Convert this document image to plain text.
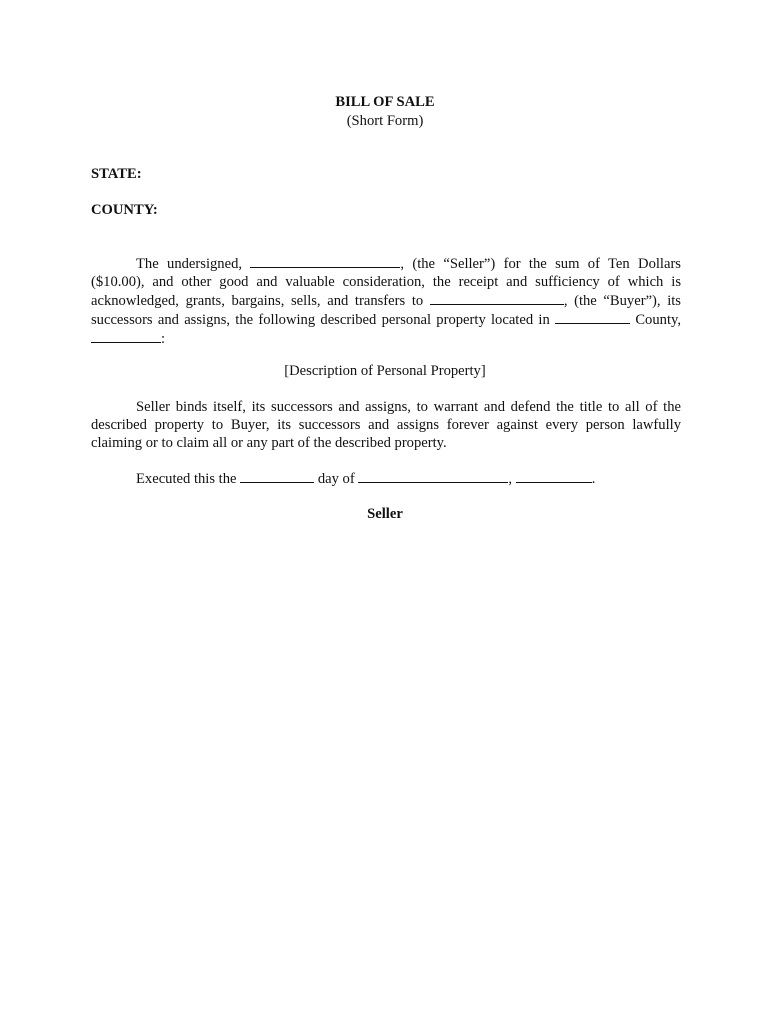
BILL OF SALE
(Short Form)
STATE:
COUNTY:
The undersigned,	, (the “Seller”) for the sum of Ten Dollars ($10.00), and other good and valuable consideration, the receipt and sufficiency of which is acknowledged, grants, bargains, sells, and transfers to	, (the “Buyer”), its successors and assigns, the following described personal property located in	County, :
[Description of Personal Property]
Seller binds itself, its successors and assigns, to warrant and defend the title to all of the described property to Buyer, its successors and assigns forever against every person lawfully claiming or to claim all or any part of the described property.
Executed this the	day of	,	.
Seller
